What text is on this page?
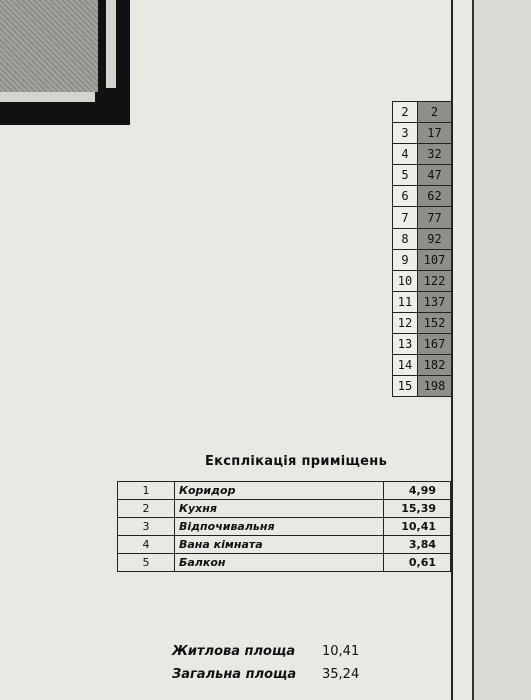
2	2
3	17
4	32
5	47
6	62
7	77
8	92
9	107
10	122
11	137
12	152
13	167
14	182
15	198
Експлікація приміщень
1	Коридор	4,99
2	Кухня	15,39
3	Відпочивальня	10,41
4	Вана кімната	3,84
5	Балкон	0,61
Житлова площа 10,41
Загальна площа 35,24
